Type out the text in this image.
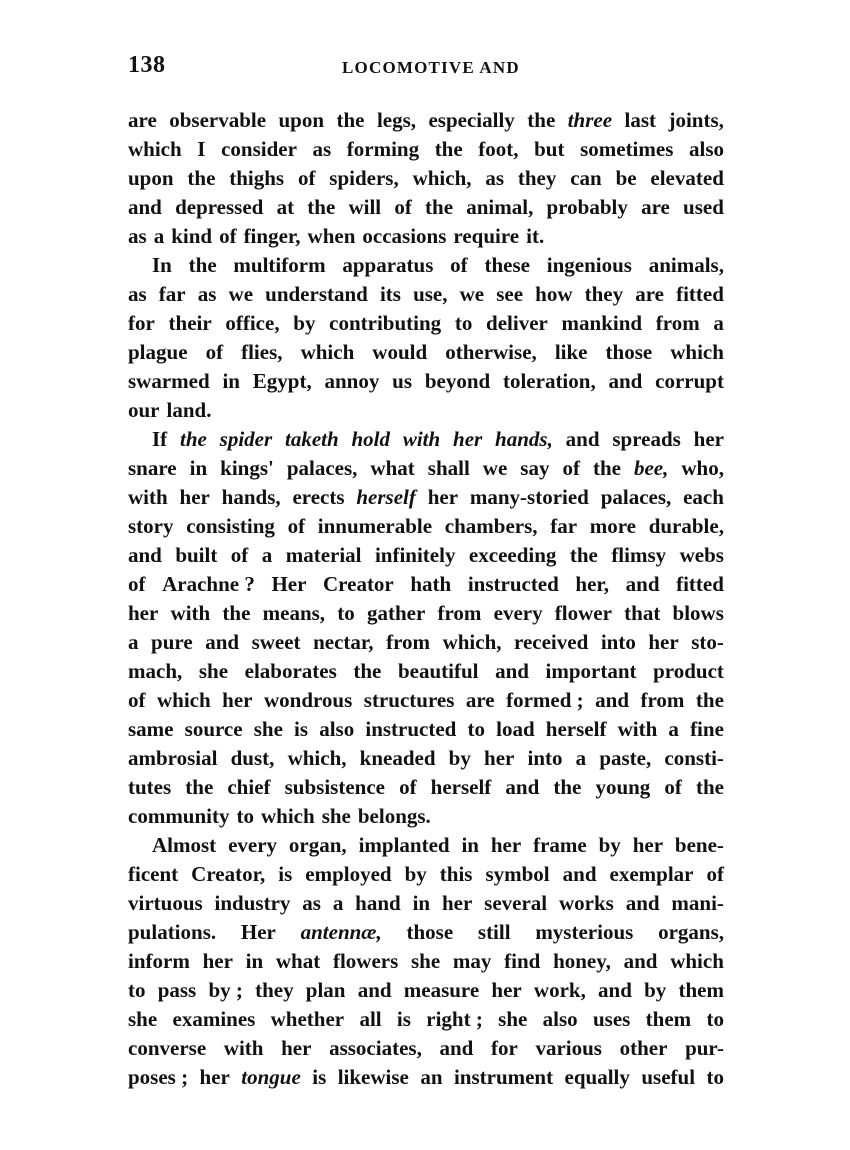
138	LOCOMOTIVE AND
are observable upon the legs, especially the three last joints,
which I consider as forming the foot, but sometimes also
upon the thighs of spiders, which, as they can be elevated
and depressed at the will of the animal, probably are used
as a kind of finger, when occasions require it.
In the multiform apparatus of these ingenious animals,
as far as we understand its use, we see how they are fitted
for their office, by contributing to deliver mankind from a
plague of flies, which would otherwise, like those which
swarmed in Egypt, annoy us beyond toleration, and corrupt
our land.
If the spider taketh hold with her hands, and spreads her
snare in kings' palaces, what shall we say of the bee, who,
with her hands, erects herself her many-storied palaces, each
story consisting of innumerable chambers, far more durable,
and built of a material infinitely exceeding the flimsy webs
of Arachne ? Her Creator hath instructed her, and fitted
her with the means, to gather from every flower that blows
a pure and sweet nectar, from which, received into her sto-
mach, she elaborates the beautiful and important product
of which her wondrous structures are formed ; and from the
same source she is also instructed to load herself with a fine
ambrosial dust, which, kneaded by her into a paste, consti-
tutes the chief subsistence of herself and the young of the
community to which she belongs.
Almost every organ, implanted in her frame by her bene-
ficent Creator, is employed by this symbol and exemplar of
virtuous industry as a hand in her several works and mani-
pulations. Her antennæ, those still mysterious organs,
inform her in what flowers she may find honey, and which
to pass by ; they plan and measure her work, and by them
she examines whether all is right ; she also uses them to
converse with her associates, and for various other pur-
poses ; her tongue is likewise an instrument equally useful to
